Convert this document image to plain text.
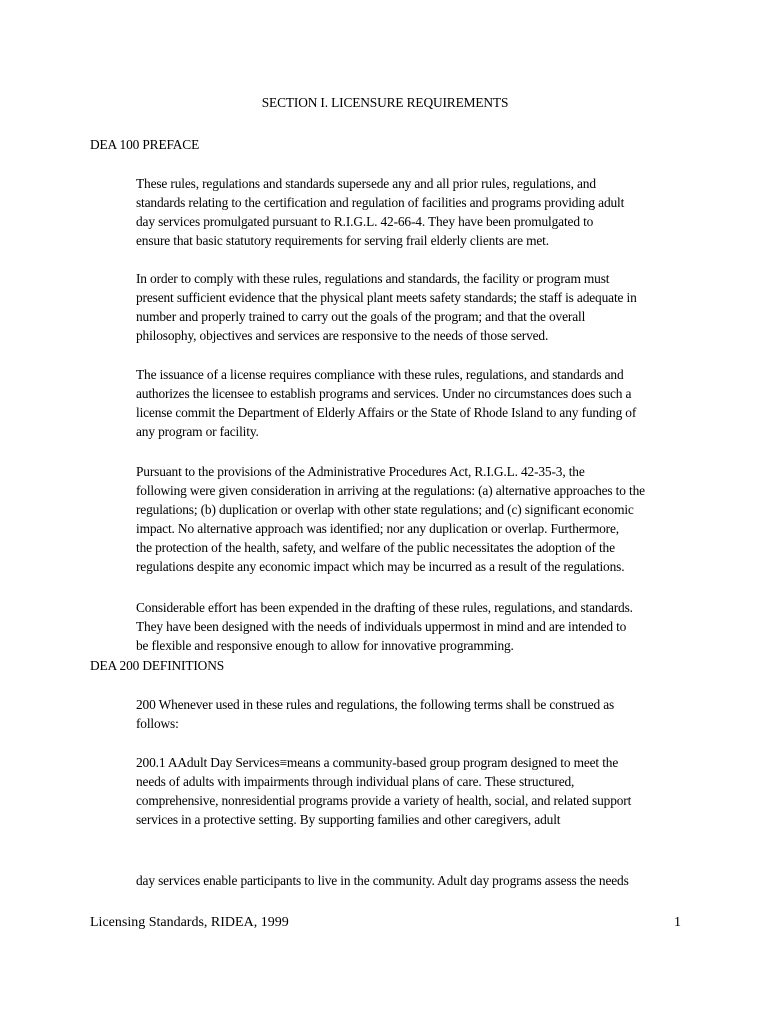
SECTION I. LICENSURE REQUIREMENTS
DEA 100 PREFACE
These rules, regulations and standards supersede any and all prior rules, regulations, and
standards relating to the certification and regulation of facilities and programs providing adult
day services promulgated pursuant to R.I.G.L. 42-66-4. They have been promulgated to
ensure that basic statutory requirements for serving frail elderly clients are met.
In order to comply with these rules, regulations and standards, the facility or program must
present sufficient evidence that the physical plant meets safety standards; the staff is adequate in
number and properly trained to carry out the goals of the program; and that the overall
philosophy, objectives and services are responsive to the needs of those served.
The issuance of a license requires compliance with these rules, regulations, and standards and
authorizes the licensee to establish programs and services. Under no circumstances does such a
license commit the Department of Elderly Affairs or the State of Rhode Island to any funding of
any program or facility.
Pursuant to the provisions of the Administrative Procedures Act, R.I.G.L. 42-35-3, the
following were given consideration in arriving at the regulations: (a) alternative approaches to the
regulations; (b) duplication or overlap with other state regulations; and (c) significant economic
impact. No alternative approach was identified; nor any duplication or overlap. Furthermore,
the protection of the health, safety, and welfare of the public necessitates the adoption of the
regulations despite any economic impact which may be incurred as a result of the regulations.
Considerable effort has been expended in the drafting of these rules, regulations, and standards.
They have been designed with the needs of individuals uppermost in mind and are intended to
be flexible and responsive enough to allow for innovative programming.
DEA 200 DEFINITIONS
200 Whenever used in these rules and regulations, the following terms shall be construed as
follows:
200.1 AAdult Day Services≡means a community-based group program designed to meet the
needs of adults with impairments through individual plans of care. These structured,
comprehensive, nonresidential programs provide a variety of health, social, and related support
services in a protective setting. By supporting families and other caregivers, adult
day services enable participants to live in the community. Adult day programs assess the needs
Licensing Standards, RIDEA, 1999	1
